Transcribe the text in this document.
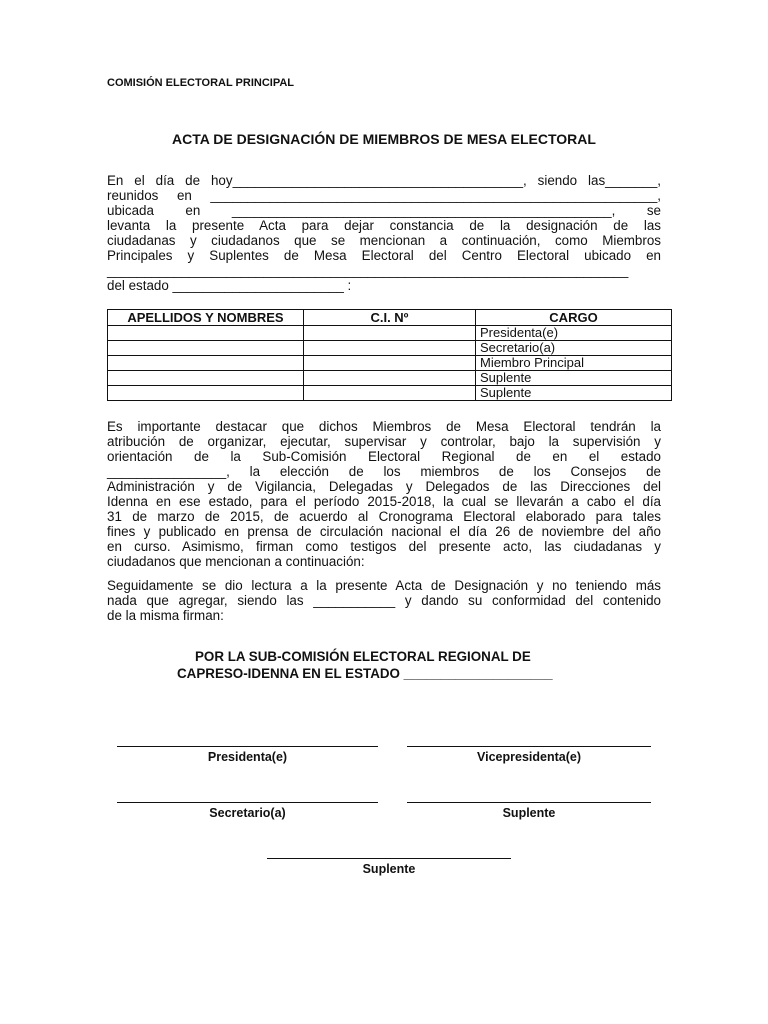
COMISIÓN ELECTORAL PRINCIPAL
ACTA DE DESIGNACIÓN DE MIEMBROS DE MESA ELECTORAL
En el día de hoy_______________________________________, siendo las_______,
reunidos en ____________________________________________________________,
ubicada en ___________________________________________________, se
levanta la presente Acta para dejar constancia de la designación de las
ciudadanas y ciudadanos que se mencionan a continuación, como Miembros
Principales y Suplentes de Mesa Electoral del Centro Electoral ubicado en
______________________________________________________________________
del estado _______________________ :
APELLIDOS Y NOMBRES	C.I. Nº	CARGO
		Presidenta(e)
		Secretario(a)
		Miembro Principal
		Suplente
		Suplente
Es importante destacar que dichos Miembros de Mesa Electoral tendrán la
atribución de organizar, ejecutar, supervisar y controlar, bajo la supervisión y
orientación de la Sub-Comisión Electoral Regional de en el estado
________________, la elección de los miembros de los Consejos de
Administración y de Vigilancia, Delegadas y Delegados de las Direcciones del
Idenna en ese estado, para el período 2015-2018, la cual se llevarán a cabo el día
31 de marzo de 2015, de acuerdo al Cronograma Electoral elaborado para tales
fines y publicado en prensa de circulación nacional el día 26 de noviembre del año
en curso. Asimismo, firman como testigos del presente acto, las ciudadanas y
ciudadanos que mencionan a continuación:
Seguidamente se dio lectura a la presente Acta de Designación y no teniendo más
nada que agregar, siendo las ___________ y dando su conformidad del contenido
de la misma firman:
POR LA SUB-COMISIÓN ELECTORAL REGIONAL DE
CAPRESO-IDENNA EN EL ESTADO ____________________
Presidenta(e)	Vicepresidenta(e)
Secretario(a)	Suplente
Suplente
